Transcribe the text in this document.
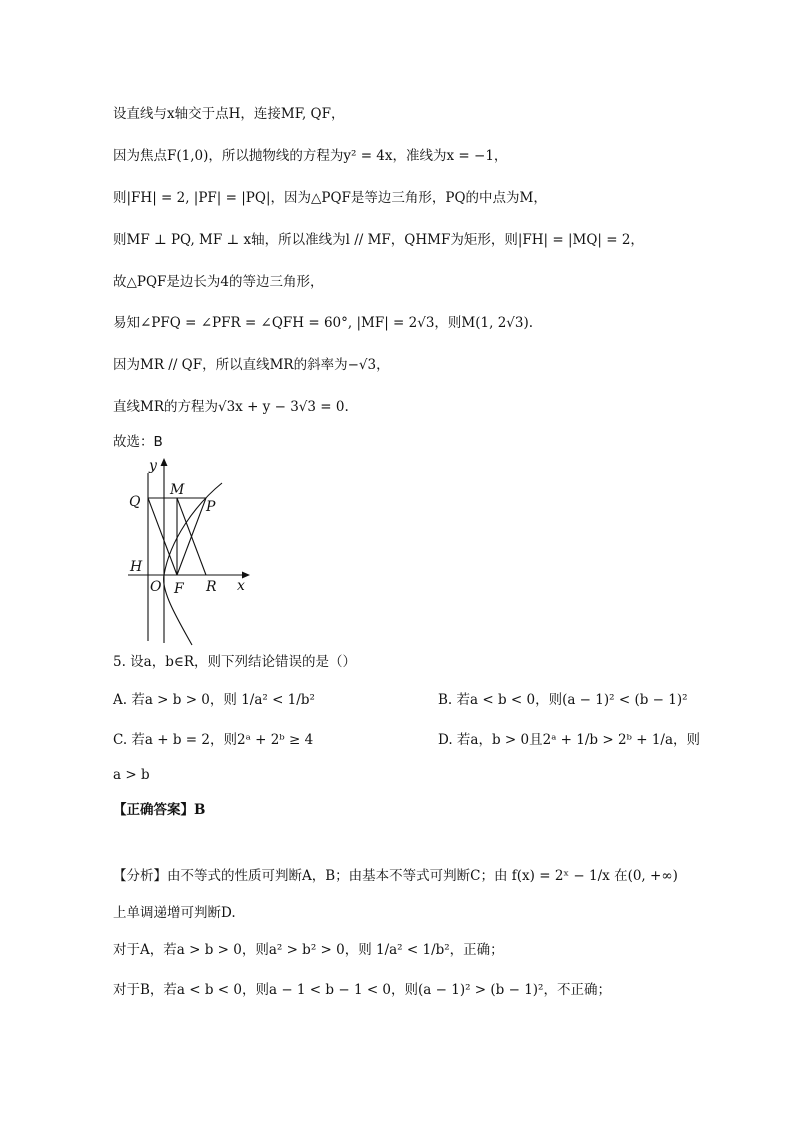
设直线与x轴交于点H，连接MF, QF，
因为焦点F(1,0)，所以抛物线的方程为y² = 4x，准线为x = −1，
则|FH| = 2, |PF| = |PQ|，因为△PQF是等边三角形，PQ的中点为M，
则MF ⊥ PQ, MF ⊥ x轴，所以准线为l // MF，QHMF为矩形，则|FH| = |MQ| = 2，
故△PQF是边长为4的等边三角形，
易知∠PFQ = ∠PFR = ∠QFH = 60°, |MF| = 2√3，则M(1, 2√3).
因为MR // QF，所以直线MR的斜率为−√3，
直线MR的方程为√3x + y − 3√3 = 0.
故选：B
y
Q
M
P
H
O F R x
5. 设a，b∈R，则下列结论错误的是（）
A. 若a > b > 0，则 1/a² < 1/b²	B. 若a < b < 0，则(a − 1)² < (b − 1)²
C. 若a + b = 2，则2ᵃ + 2ᵇ ≥ 4	D. 若a，b > 0且2ᵃ + 1/b > 2ᵇ + 1/a，则
a > b
【正确答案】B
【分析】由不等式的性质可判断A，B；由基本不等式可判断C；由 f(x) = 2ˣ − 1/x 在(0, +∞)
上单调递增可判断D.
对于A，若a > b > 0，则a² > b² > 0，则 1/a² < 1/b²，正确；
对于B，若a < b < 0，则a − 1 < b − 1 < 0，则(a − 1)² > (b − 1)²，不正确；
